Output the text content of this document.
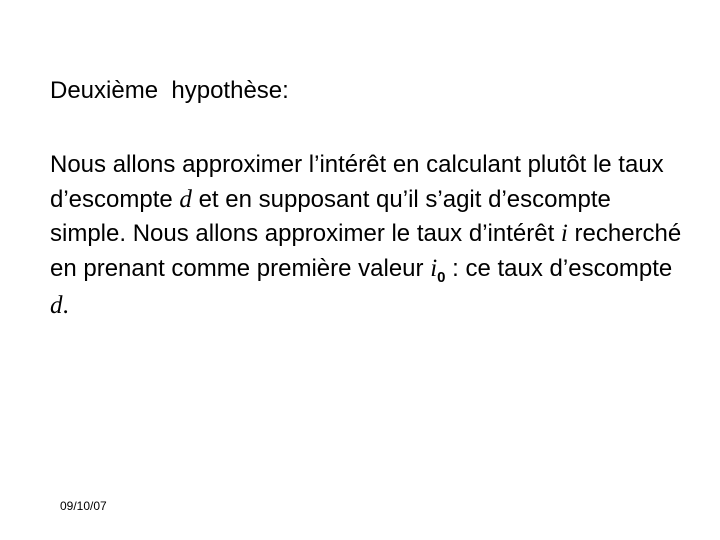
Deuxième  hypothèse:
Nous allons approximer l’intérêt en calculant plutôt le taux d’escompte d et en supposant qu’il s’agit d’escompte simple. Nous allons approximer le taux d’intérêt i recherché en prenant comme première valeur $i_0$ : ce taux d’escompte d.
09/10/07
